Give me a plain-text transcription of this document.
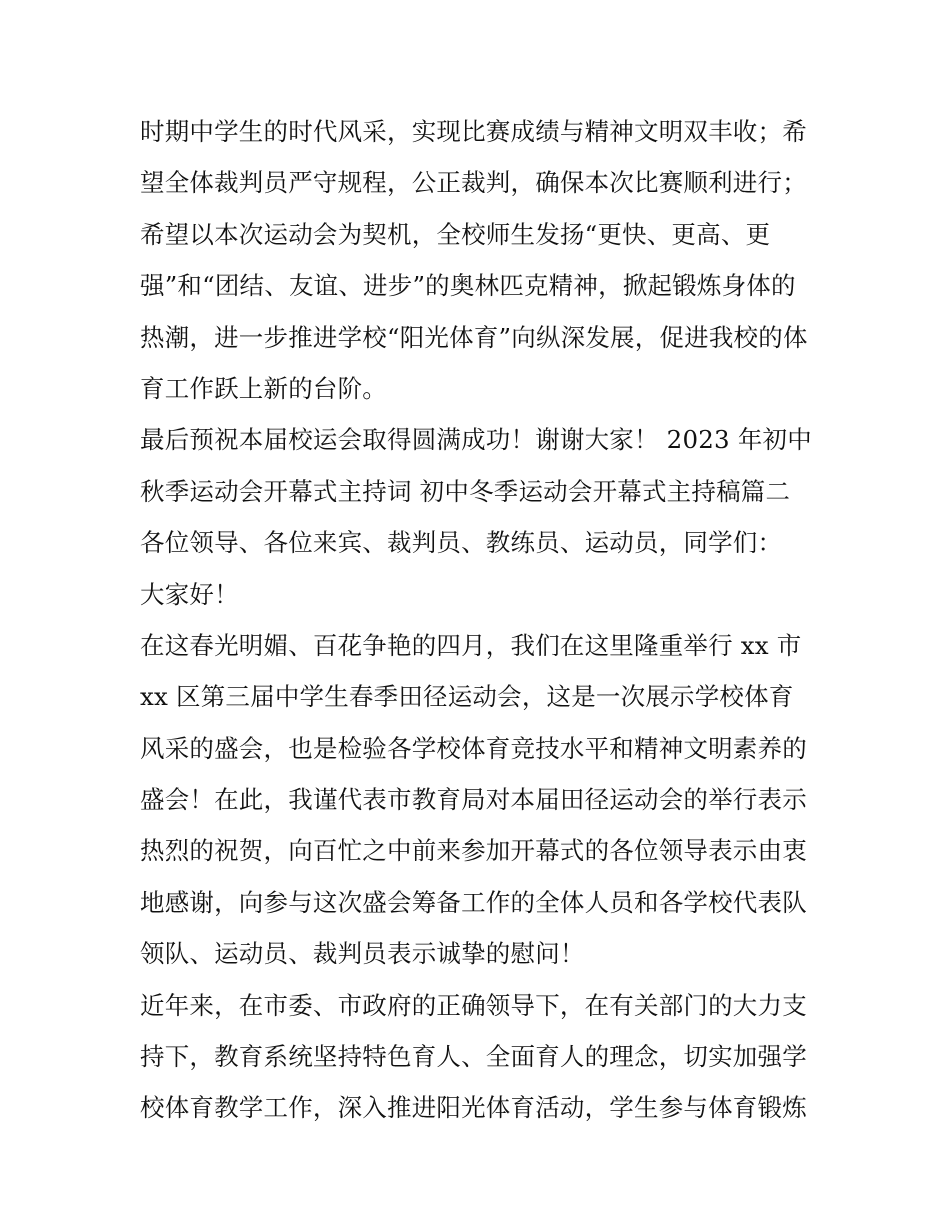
时期中学生的时代风采，实现比赛成绩与精神文明双丰收；希
望全体裁判员严守规程，公正裁判，确保本次比赛顺利进行；
希望以本次运动会为契机，全校师生发扬“更快、更高、更
强”和“团结、友谊、进步”的奥林匹克精神，掀起锻炼身体的
热潮，进一步推进学校“阳光体育”向纵深发展，促进我校的体
育工作跃上新的台阶。
最后预祝本届校运会取得圆满成功！谢谢大家！ 2023 年初中
秋季运动会开幕式主持词 初中冬季运动会开幕式主持稿篇二
各位领导、各位来宾、裁判员、教练员、运动员，同学们：
大家好！
在这春光明媚、百花争艳的四月，我们在这里隆重举行 xx 市
xx 区第三届中学生春季田径运动会，这是一次展示学校体育
风采的盛会，也是检验各学校体育竞技水平和精神文明素养的
盛会！在此，我谨代表市教育局对本届田径运动会的举行表示
热烈的祝贺，向百忙之中前来参加开幕式的各位领导表示由衷
地感谢，向参与这次盛会筹备工作的全体人员和各学校代表队
领队、运动员、裁判员表示诚挚的慰问！
近年来，在市委、市政府的正确领导下，在有关部门的大力支
持下，教育系统坚持特色育人、全面育人的理念，切实加强学
校体育教学工作，深入推进阳光体育活动，学生参与体育锻炼
